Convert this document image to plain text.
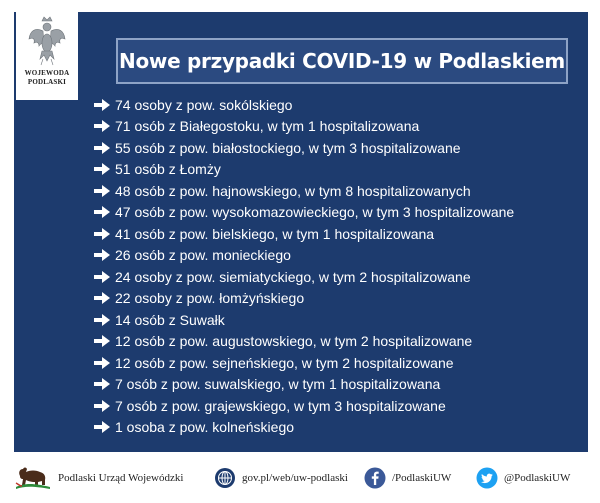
WOJEWODA
PODLASKI
Nowe przypadki COVID-19 w Podlaskiem
74 osoby z pow. sokólskiego
71 osób z Białegostoku, w tym 1 hospitalizowana
55 osób z pow. białostockiego, w tym 3 hospitalizowane
51 osób z Łomży
48 osób z pow. hajnowskiego, w tym 8 hospitalizowanych
47 osób z pow. wysokomazowieckiego, w tym 3 hospitalizowane
41 osób z pow. bielskiego, w tym 1 hospitalizowana
26 osób z pow. monieckiego
24 osoby z pow. siemiatyckiego, w tym 2 hospitalizowane
22 osoby z pow. łomżyńskiego
14 osób z Suwałk
12 osób z pow. augustowskiego, w tym 2 hospitalizowane
12 osób z pow. sejneńskiego, w tym 2 hospitalizowane
7 osób z pow. suwalskiego, w tym 1 hospitalizowana
7 osób z pow. grajewskiego, w tym 3 hospitalizowane
1 osoba z pow. kolneńskiego
Podlaski Urząd Wojewódzki	gov.pl/web/uw-podlaski	/PodlaskiUW	@PodlaskiUW
